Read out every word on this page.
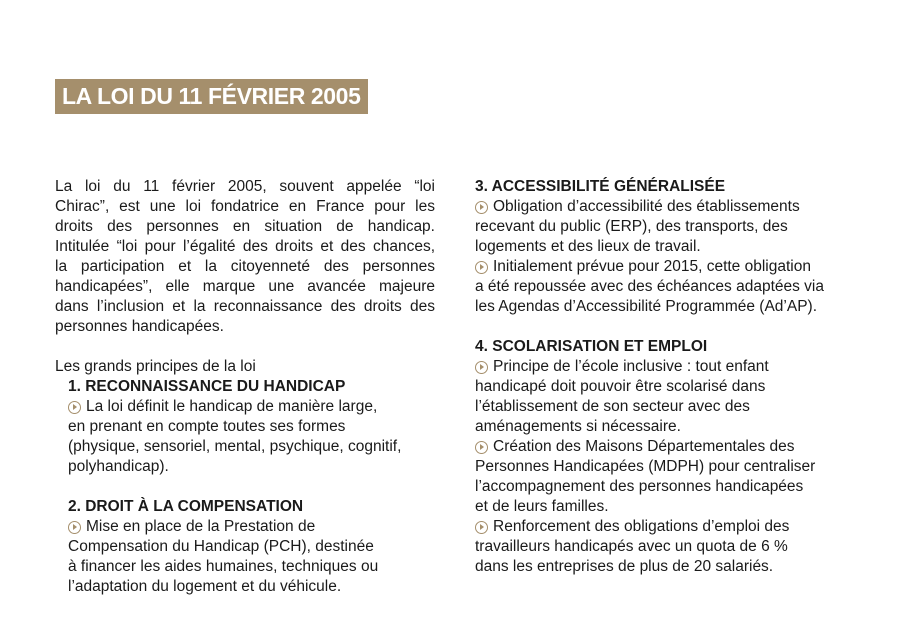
LA LOI DU 11 FÉVRIER 2005
La loi du 11 février 2005, souvent appelée “loi
Chirac”, est une loi fondatrice en France pour les
droits des personnes en situation de handicap.
Intitulée “loi pour l’égalité des droits et des chances,
la participation et la citoyenneté des personnes
handicapées”, elle marque une avancée majeure
dans l’inclusion et la reconnaissance des droits des
personnes handicapées.
Les grands principes de la loi
1. RECONNAISSANCE DU HANDICAP
La loi définit le handicap de manière large,
en prenant en compte toutes ses formes
(physique, sensoriel, mental, psychique, cognitif,
polyhandicap).
2. DROIT À LA COMPENSATION
Mise en place de la Prestation de
Compensation du Handicap (PCH), destinée
à financer les aides humaines, techniques ou
l’adaptation du logement et du véhicule.
3. ACCESSIBILITÉ GÉNÉRALISÉE
Obligation d’accessibilité des établissements
recevant du public (ERP), des transports, des
logements et des lieux de travail.
Initialement prévue pour 2015, cette obligation
a été repoussée avec des échéances adaptées via
les Agendas d’Accessibilité Programmée (Ad’AP).
4. SCOLARISATION ET EMPLOI
Principe de l’école inclusive : tout enfant
handicapé doit pouvoir être scolarisé dans
l’établissement de son secteur avec des
aménagements si nécessaire.
Création des Maisons Départementales des
Personnes Handicapées (MDPH) pour centraliser
l’accompagnement des personnes handicapées
et de leurs familles.
Renforcement des obligations d’emploi des
travailleurs handicapés avec un quota de 6 %
dans les entreprises de plus de 20 salariés.
